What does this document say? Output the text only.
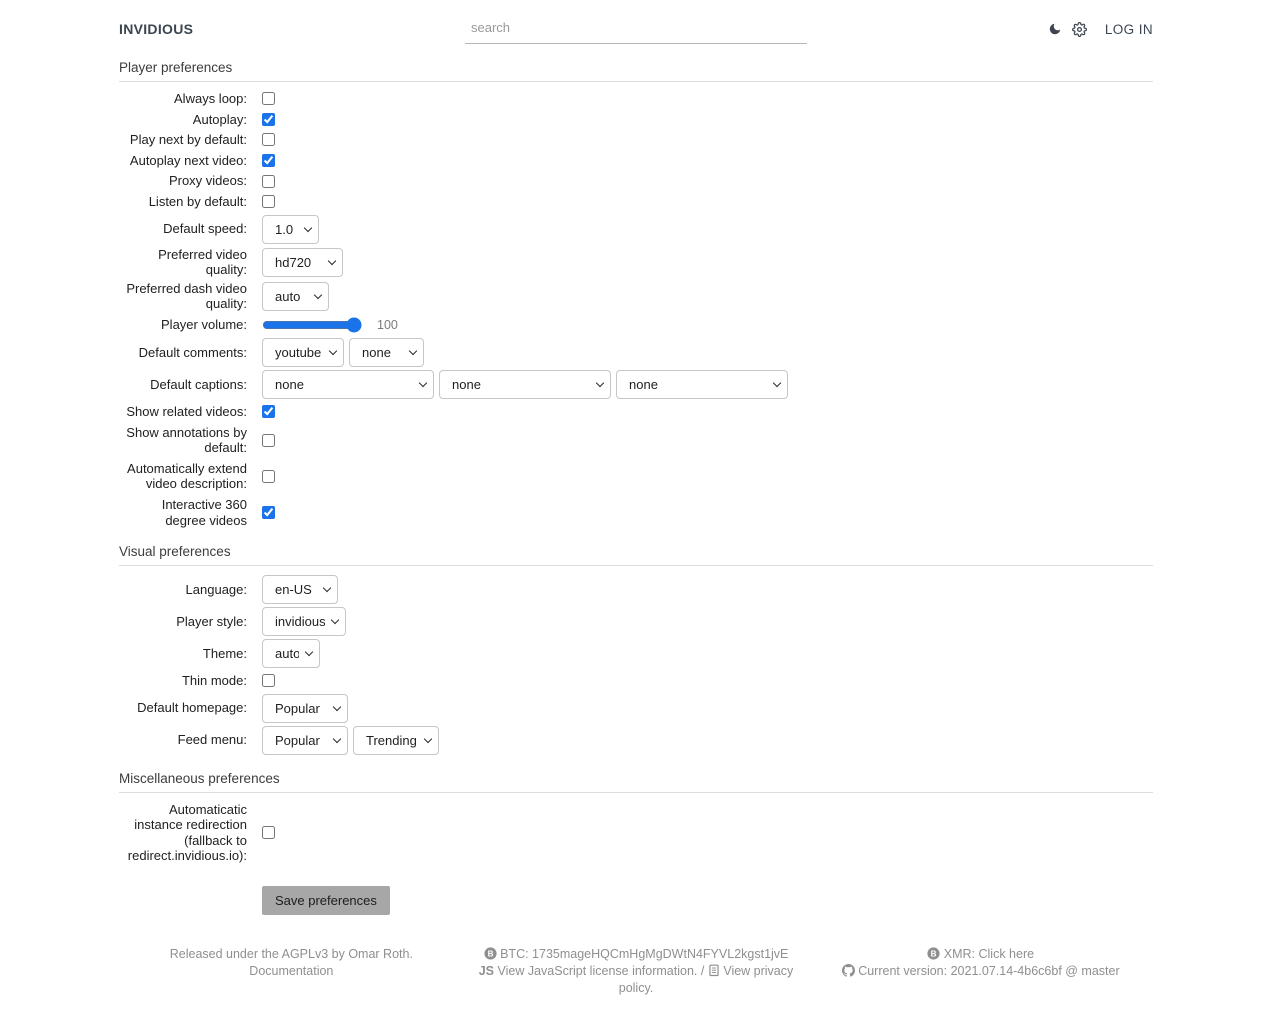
INVIDIOUS
search	LOG IN
Player preferences
Always loop:
Autoplay:
Play next by default:
Autoplay next video:
Proxy videos:
Listen by default:
Default speed:
1.0
Preferred video quality:
hd720
Preferred dash video quality:
auto
Player volume:	100
Default comments:
youtube
none
Default captions:
none
none
none
Show related videos:
Show annotations by default:
Automatically extend video description:
Interactive 360 degree videos
Visual preferences
Language:
en-US
Player style:
invidious
Theme:
auto
Thin mode:
Default homepage:
Popular
Feed menu:
Popular
Trending
Miscellaneous preferences
Automaticatic instance redirection (fallback to redirect.invidious.io):
Save preferences
Released under the AGPLv3 by Omar Roth.
Documentation
B BTC: 1735mageHQCmHgMgDWtN4FYVL2kgst1jvE
JS View JavaScript license information. / View privacy policy.
B XMR: Click here
Current version: 2021.07.14-4b6c6bf @ master
